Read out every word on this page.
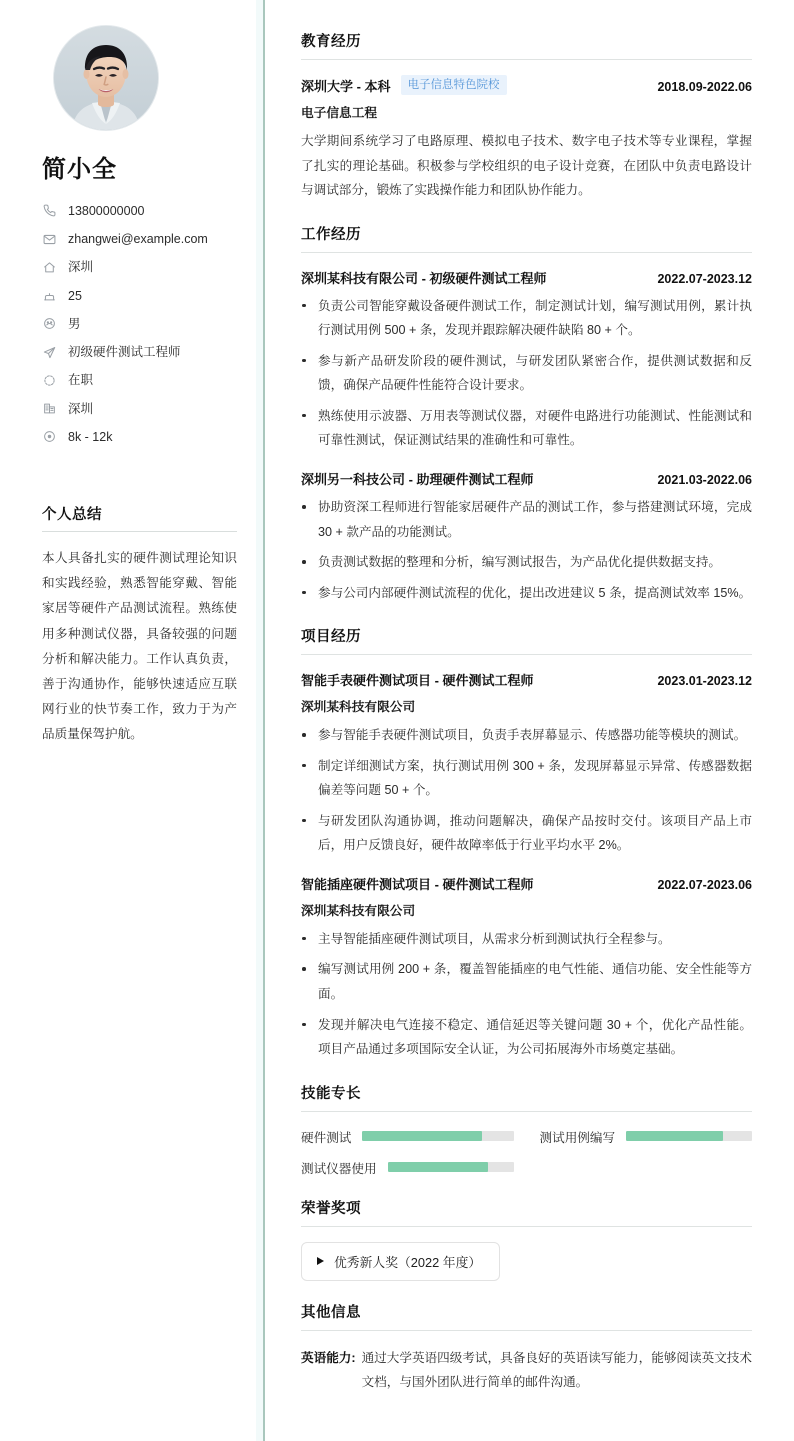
简小全
13800000000
zhangwei@example.com
深圳
25
男
初级硬件测试工程师
在职
深圳
8k - 12k
个人总结

本人具备扎实的硬件测试理论知识和实践经验，熟悉智能穿戴、智能家居等硬件产品测试流程。熟练使用多种测试仪器，具备较强的问题分析和解决能力。工作认真负责，善于沟通协作，能够快速适应互联网行业的快节奏工作，致力于为产品质量保驾护航。

教育经历
深圳大学 - 本科	电子信息特色院校	2018.09-2022.06
电子信息工程

大学期间系统学习了电路原理、模拟电子技术、数字电子技术等专业课程，掌握了扎实的理论基础。积极参与学校组织的电子设计竞赛，在团队中负责电路设计与调试部分，锻炼了实践操作能力和团队协作能力。

工作经历
深圳某科技有限公司 - 初级硬件测试工程师	2022.07-2023.12
负责公司智能穿戴设备硬件测试工作，制定测试计划，编写测试用例，累计执行测试用例 500 + 条，发现并跟踪解决硬件缺陷 80 + 个。
参与新产品研发阶段的硬件测试，与研发团队紧密合作，提供测试数据和反馈，确保产品硬件性能符合设计要求。
熟练使用示波器、万用表等测试仪器，对硬件电路进行功能测试、性能测试和可靠性测试，保证测试结果的准确性和可靠性。
深圳另一科技公司 - 助理硬件测试工程师	2021.03-2022.06
协助资深工程师进行智能家居硬件产品的测试工作，参与搭建测试环境，完成 30 + 款产品的功能测试。
负责测试数据的整理和分析，编写测试报告，为产品优化提供数据支持。
参与公司内部硬件测试流程的优化，提出改进建议 5 条，提高测试效率 15%。
项目经历
智能手表硬件测试项目 - 硬件测试工程师	2023.01-2023.12
深圳某科技有限公司
参与智能手表硬件测试项目，负责手表屏幕显示、传感器功能等模块的测试。
制定详细测试方案，执行测试用例 300 + 条，发现屏幕显示异常、传感器数据偏差等问题 50 + 个。
与研发团队沟通协调，推动问题解决，确保产品按时交付。该项目产品上市后，用户反馈良好，硬件故障率低于行业平均水平 2%。
智能插座硬件测试项目 - 硬件测试工程师	2022.07-2023.06
深圳某科技有限公司
主导智能插座硬件测试项目，从需求分析到测试执行全程参与。
编写测试用例 200 + 条，覆盖智能插座的电气性能、通信功能、安全性能等方面。
发现并解决电气连接不稳定、通信延迟等关键问题 30 + 个，优化产品性能。项目产品通过多项国际安全认证，为公司拓展海外市场奠定基础。
技能专长
硬件测试	测试用例编写
测试仪器使用
荣誉奖项
优秀新人奖（2022 年度）
其他信息
英语能力: 通过大学英语四级考试，具备良好的英语读写能力，能够阅读英文技术文档，与国外团队进行简单的邮件沟通。
